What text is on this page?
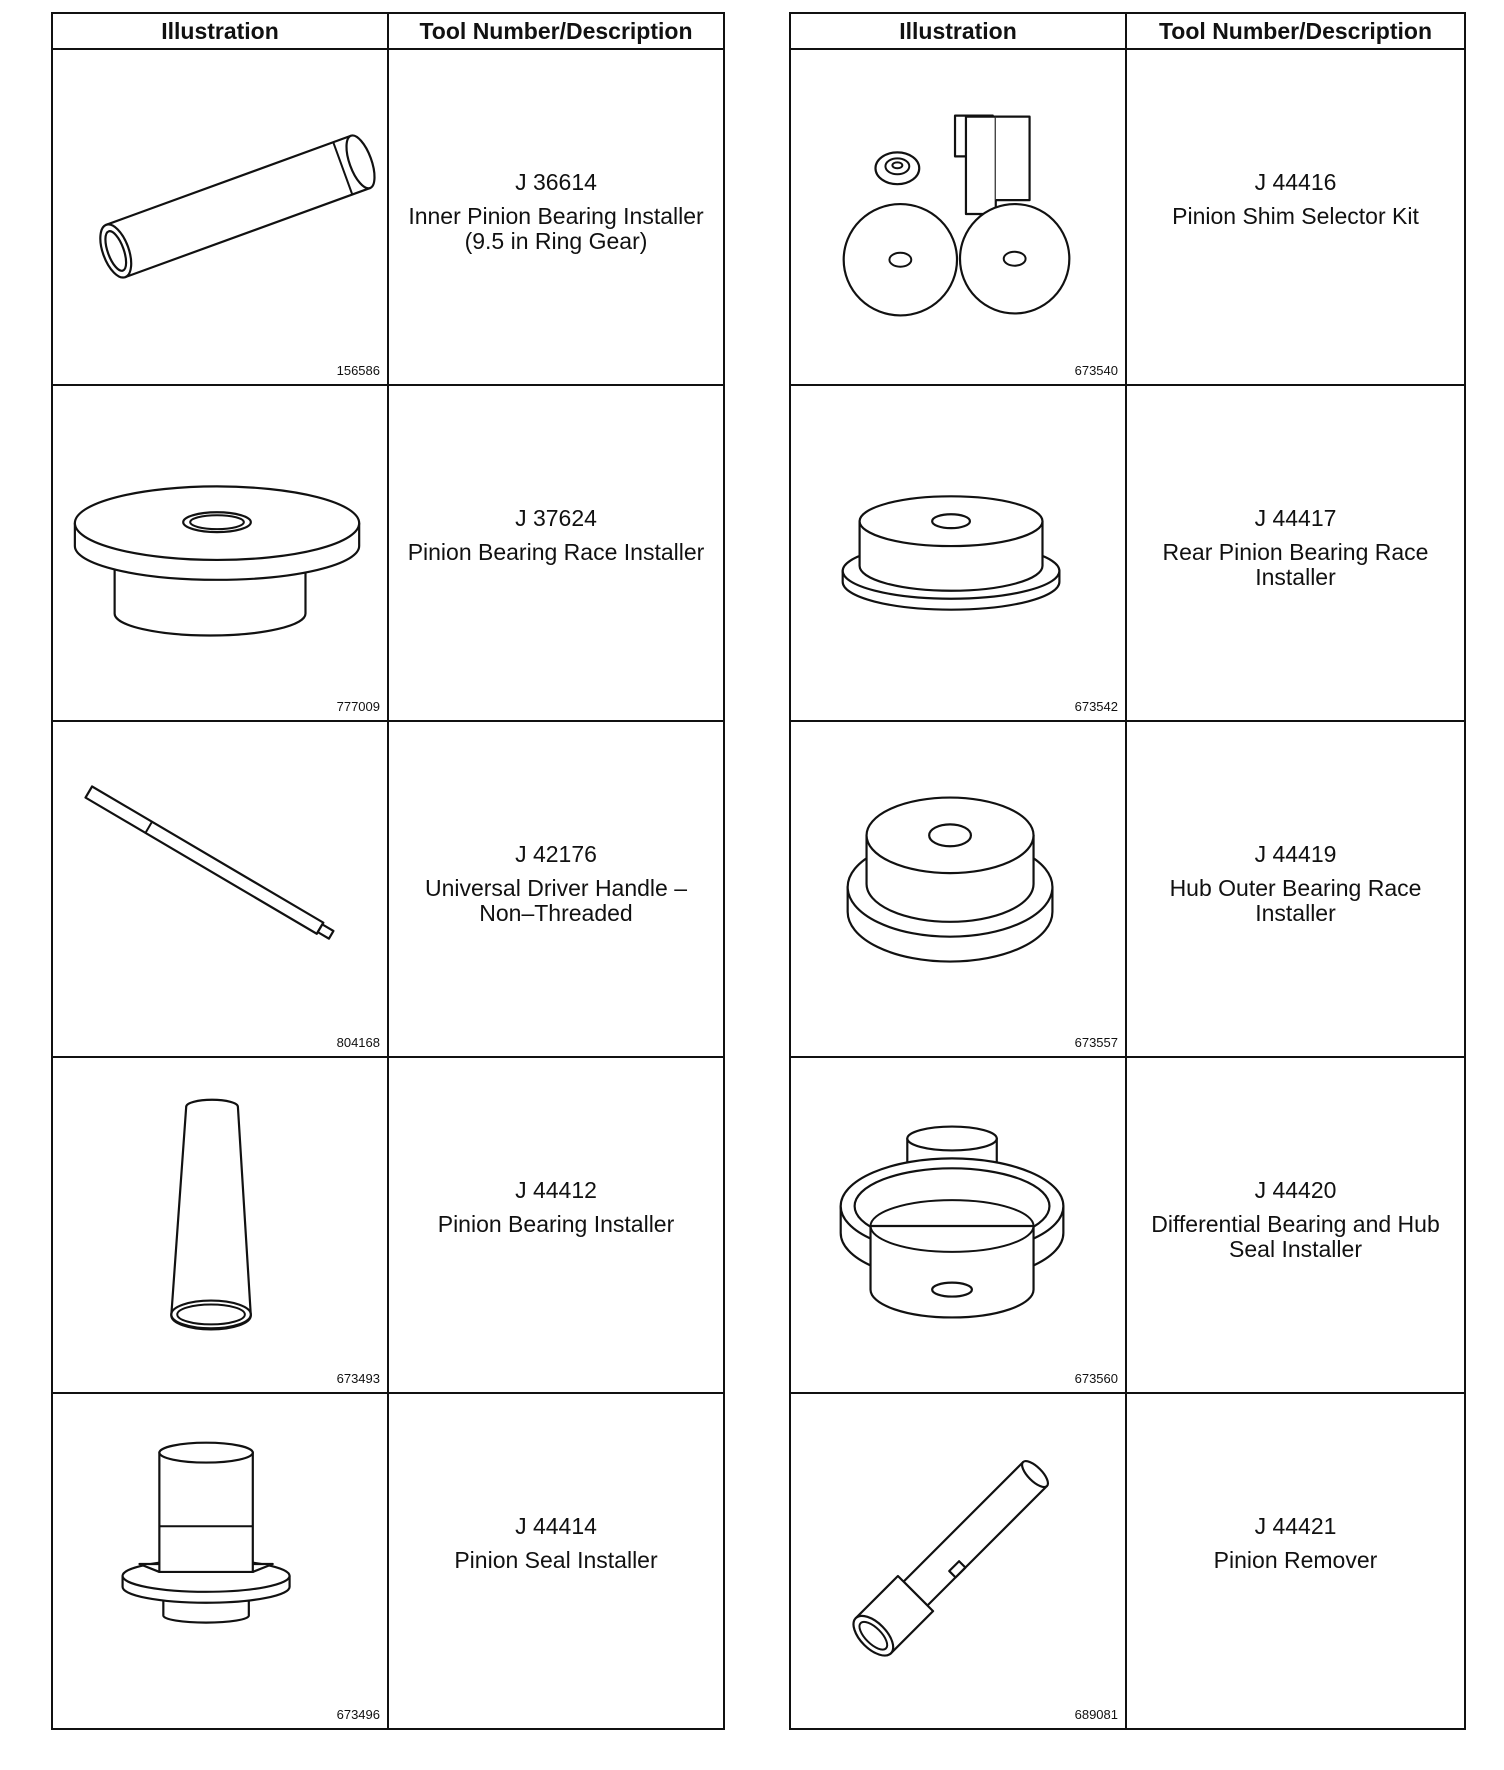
Illustration	Tool Number/Description

156586	J 36614
Inner Pinion Bearing Installer (9.5 in Ring Gear)

777009	J 37624
Pinion Bearing Race Installer

804168	J 42176
Universal Driver Handle – Non–Threaded

673493	J 44412
Pinion Bearing Installer

673496	J 44414
Pinion Seal Installer
Illustration	Tool Number/Description

673540	J 44416
Pinion Shim Selector Kit

673542	J 44417
Rear Pinion Bearing Race Installer

673557	J 44419
Hub Outer Bearing Race Installer

673560	J 44420
Differential Bearing and Hub Seal Installer

689081	J 44421
Pinion Remover
